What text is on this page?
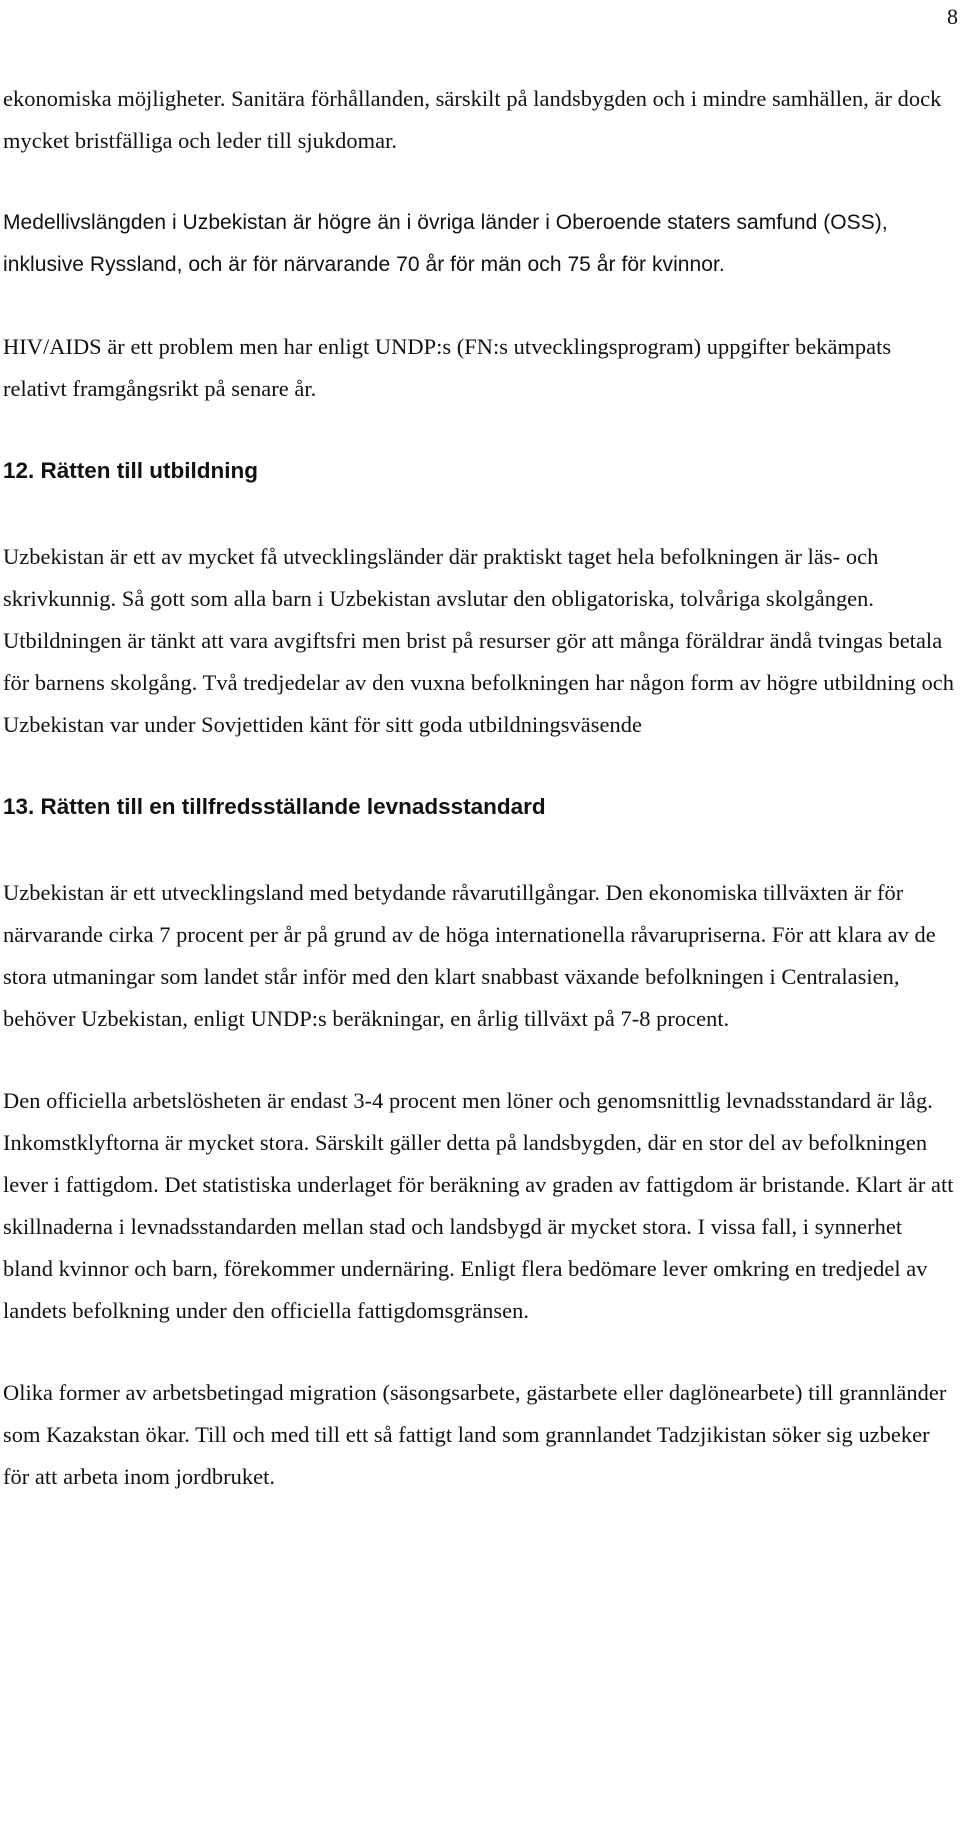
8

ekonomiska möjligheter. Sanitära förhållanden, särskilt på landsbygden och i mindre samhällen, är dock mycket bristfälliga och leder till sjukdomar.

Medellivslängden i Uzbekistan är högre än i övriga länder i Oberoende staters samfund (OSS), inklusive Ryssland, och är för närvarande 70 år för män och 75 år för kvinnor.

HIV/AIDS är ett problem men har enligt UNDP:s (FN:s utvecklingsprogram) uppgifter bekämpats relativt framgångsrikt på senare år.

12. Rätten till utbildning

Uzbekistan är ett av mycket få utvecklingsländer där praktiskt taget hela befolkningen är läs- och skrivkunnig. Så gott som alla barn i Uzbekistan avslutar den obligatoriska, tolvåriga skolgången. Utbildningen är tänkt att vara avgiftsfri men brist på resurser gör att många föräldrar ändå tvingas betala för barnens skolgång. Två tredjedelar av den vuxna befolkningen har någon form av högre utbildning och Uzbekistan var under Sovjettiden känt för sitt goda utbildningsväsende

13. Rätten till en tillfredsställande levnadsstandard

Uzbekistan är ett utvecklingsland med betydande råvarutillgångar. Den ekonomiska tillväxten är för närvarande cirka 7 procent per år på grund av de höga internationella råvarupriserna. För att klara av de stora utmaningar som landet står inför med den klart snabbast växande befolkningen i Centralasien, behöver Uzbekistan, enligt UNDP:s beräkningar, en årlig tillväxt på 7-8 procent.

Den officiella arbetslösheten är endast 3-4 procent men löner och genomsnittlig levnadsstandard är låg. Inkomstklyftorna är mycket stora. Särskilt gäller detta på landsbygden, där en stor del av befolkningen lever i fattigdom. Det statistiska underlaget för beräkning av graden av fattigdom är bristande. Klart är att skillnaderna i levnadsstandarden mellan stad och landsbygd är mycket stora. I vissa fall, i synnerhet bland kvinnor och barn, förekommer undernäring. Enligt flera bedömare lever omkring en tredjedel av landets befolkning under den officiella fattigdomsgränsen.

Olika former av arbetsbetingad migration (säsongsarbete, gästarbete eller daglönearbete) till grannländer som Kazakstan ökar. Till och med till ett så fattigt land som grannlandet Tadzjikistan söker sig uzbeker för att arbeta inom jordbruket.
